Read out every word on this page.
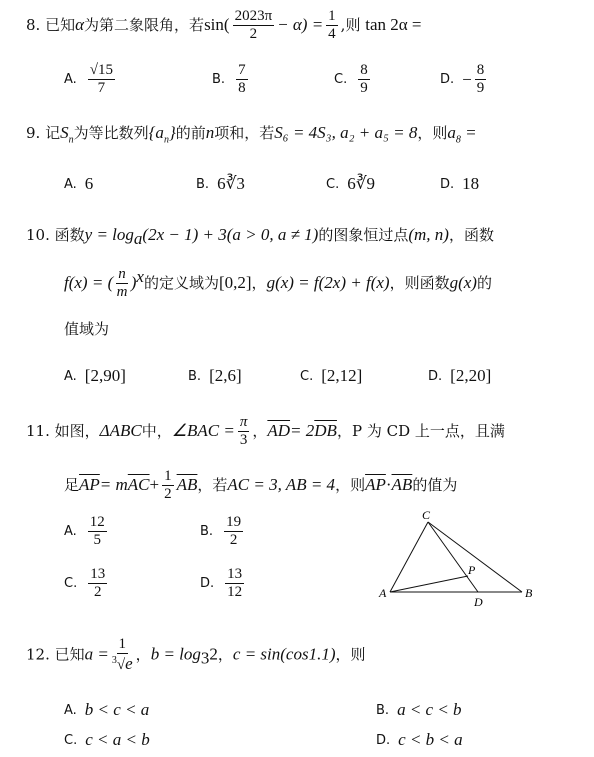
8. 已知α为第二象限角，若$\sin( \frac{2023\pi}{2} - \alpha) = \frac{1}{4}$ ,则 tan 2α =
A. $\frac{√15}{7}$	B. $\frac{7}{8}$	C. $\frac{8}{9}$	D. − $\frac{8}{9}$
9. 记$S_n$为等比数列$\{a_n\}$的前n项和，若S₆ = 4S₃, a₂ + a₅ = 8，则$a_8$ =
A. 6	B. 6∛3	C. 6∛9	D. 18
10. 函数$y = \log_a(2x - 1) + 3(a > 0$, a ≠ 1)的图象恒过点(m, n)，函数
f(x) = ( $\frac{n}{m} )^x$的定义域为[0,2]，g(x) = f(2x) + f(x)，则函数g(x)的
值域为
A. [2,90]	B. [2,6]	C. [2,12]	D. [2,20]
11. 如图，ΔABC中，∠BAC = $\frac{\pi}{3}$ ，$\overline{AD}= 2\overline{DB}$，P 为 CD 上一点，且满
足$\overline{AP}= m\overline{AC}+ \frac{1}{2} \overline{AB}$，若AC = 3, AB = 4，则$\overline{AP}\cdot\overline{AB}$的值为
A. $\frac{12}{5}$	B. $\frac{19}{2}$
C. $\frac{13}{2}$	D. $\frac{13}{12}$
C
A	B
D
P
12. 已知$a = \frac{1}{^3√e}$ ，$b = \log_32$，c = sin(cos1.1)，则
A. b < c < a	B. a < c < b
C. c < a < b	D. c < b < a
